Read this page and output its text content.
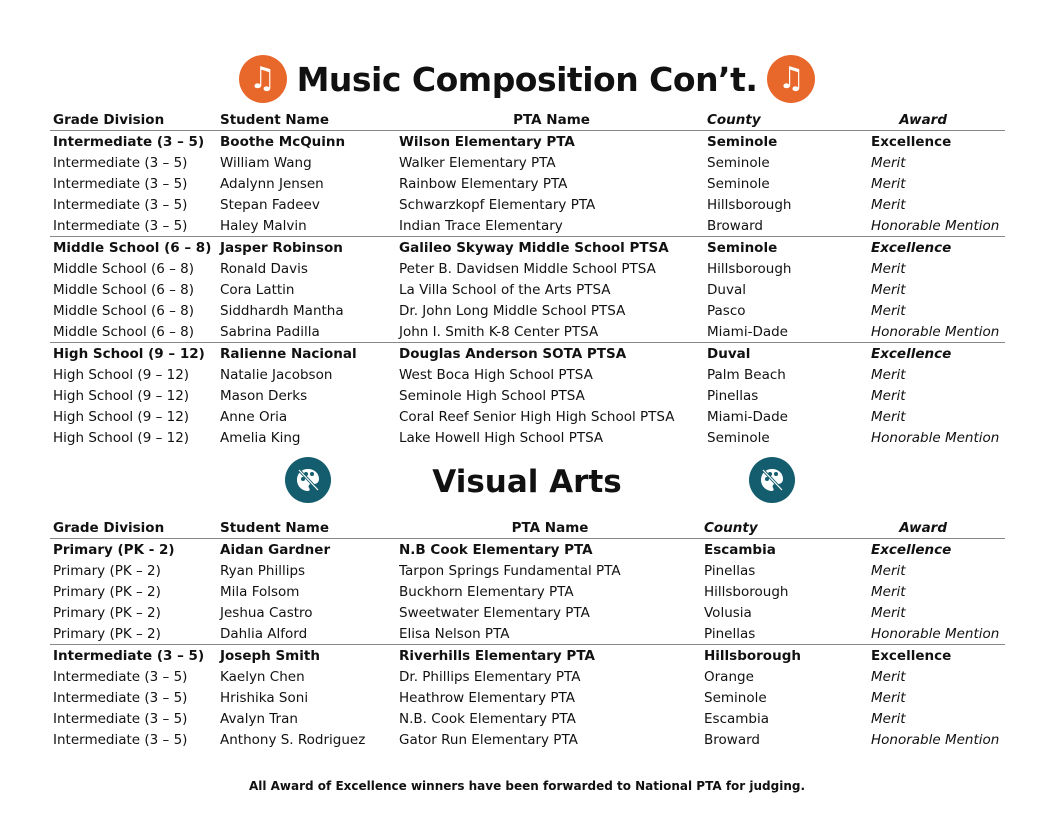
♫ Music Composition Con’t. ♫
Grade Division	Student Name	PTA Name	County	Award
Intermediate (3 – 5)	Boothe McQuinn	Wilson Elementary PTA	Seminole	Excellence
Intermediate (3 – 5)	William Wang	Walker Elementary PTA	Seminole	Merit
Intermediate (3 – 5)	Adalynn Jensen	Rainbow Elementary PTA	Seminole	Merit
Intermediate (3 – 5)	Stepan Fadeev	Schwarzkopf Elementary PTA	Hillsborough	Merit
Intermediate (3 – 5)	Haley Malvin	Indian Trace Elementary	Broward	Honorable Mention
Middle School (6 – 8)	Jasper Robinson	Galileo Skyway Middle School PTSA	Seminole	Excellence
Middle School (6 – 8)	Ronald Davis	Peter B. Davidsen Middle School PTSA	Hillsborough	Merit
Middle School (6 – 8)	Cora Lattin	La Villa School of the Arts PTSA	Duval	Merit
Middle School (6 – 8)	Siddhardh Mantha	Dr. John Long Middle School PTSA	Pasco	Merit
Middle School (6 – 8)	Sabrina Padilla	John I. Smith K-8 Center PTSA	Miami-Dade	Honorable Mention
High School (9 – 12)	Ralienne Nacional	Douglas Anderson SOTA PTSA	Duval	Excellence
High School (9 – 12)	Natalie Jacobson	West Boca High School PTSA	Palm Beach	Merit
High School (9 – 12)	Mason Derks	Seminole High School PTSA	Pinellas	Merit
High School (9 – 12)	Anne Oria	Coral Reef Senior High High School PTSA	Miami-Dade	Merit
High School (9 – 12)	Amelia King	Lake Howell High School PTSA	Seminole	Honorable Mention
Visual Arts
Grade Division	Student Name	PTA Name	County	Award
Primary (PK - 2)	Aidan Gardner	N.B Cook Elementary PTA	Escambia	Excellence
Primary (PK – 2)	Ryan Phillips	Tarpon Springs Fundamental PTA	Pinellas	Merit
Primary (PK – 2)	Mila Folsom	Buckhorn Elementary PTA	Hillsborough	Merit
Primary (PK – 2)	Jeshua Castro	Sweetwater Elementary PTA	Volusia	Merit
Primary (PK – 2)	Dahlia Alford	Elisa Nelson PTA	Pinellas	Honorable Mention
Intermediate (3 – 5)	Joseph Smith	Riverhills Elementary PTA	Hillsborough	Excellence
Intermediate (3 – 5)	Kaelyn Chen	Dr. Phillips Elementary PTA	Orange	Merit
Intermediate (3 – 5)	Hrishika Soni	Heathrow Elementary PTA	Seminole	Merit
Intermediate (3 – 5)	Avalyn Tran	N.B. Cook Elementary PTA	Escambia	Merit
Intermediate (3 – 5)	Anthony S. Rodriguez	Gator Run Elementary PTA	Broward	Honorable Mention
All Award of Excellence winners have been forwarded to National PTA for judging.
